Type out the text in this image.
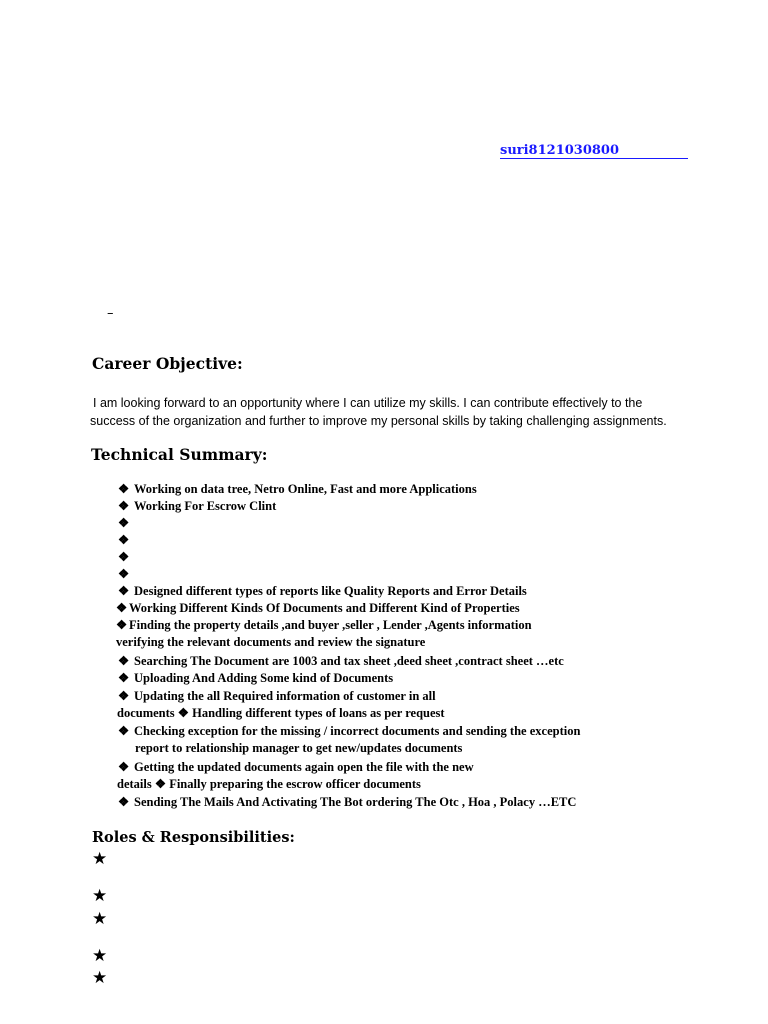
suri8121030800
–
Career Objective:
I am looking forward to an opportunity where I can utilize my skills. I can contribute effectively to the
success of the organization and further to improve my personal skills by taking challenging assignments.
Technical Summary:
❖ Working on data tree, Netro Online, Fast and more Applications
❖ Working For Escrow Clint
❖
❖
❖
❖
❖ Designed different types of reports like Quality Reports and Error Details
❖ Working Different Kinds Of Documents and Different Kind of Properties
❖ Finding the property details ,and buyer ,seller , Lender ,Agents information
verifying the relevant documents and review the signature
❖ Searching The Document are 1003 and tax sheet ,deed sheet ,contract sheet …etc
❖ Uploading And Adding Some kind of Documents
❖ Updating the all Required information of customer in all
documents ❖ Handling different types of loans as per request
❖ Checking exception for the missing / incorrect documents and sending the exception
report to relationship manager to get new/updates documents
❖ Getting the updated documents again open the file with the new
details ❖ Finally preparing the escrow officer documents
❖ Sending The Mails And Activating The Bot ordering The Otc , Hoa , Polacy …ETC
Roles & Responsibilities:
★
★
★
★
★
